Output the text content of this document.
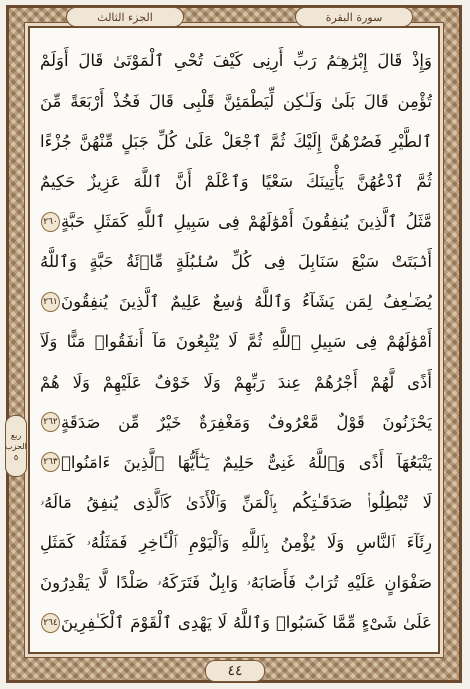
الجزء الثالث	سورة البقرة
ربع
الحزب
٥
وَإِذْ قَالَ إِبْرَٰهِـۧمُ رَبِّ أَرِنِى كَيْفَ تُحْىِ ٱلْمَوْتَىٰ قَالَ أَوَلَمْ
تُؤْمِن قَالَ بَلَىٰ وَلَـٰكِن لِّيَطْمَئِنَّ قَلْبِى قَالَ فَخُذْ أَرْبَعَةً مِّنَ
ٱلطَّيْرِ فَصُرْهُنَّ إِلَيْكَ ثُمَّ ٱجْعَلْ عَلَىٰ كُلِّ جَبَلٍ مِّنْهُنَّ جُزْءًا
ثُمَّ ٱدْعُهُنَّ يَأْتِينَكَ سَعْيًا وَٱعْلَمْ أَنَّ ٱللَّهَ عَزِيزٌ حَكِيمٌ
مَّثَلُ ٱلَّذِينَ يُنفِقُونَ أَمْوَٰلَهُمْ فِى سَبِيلِ ٱللَّهِ كَمَثَلِ حَبَّةٍ
٢٦٠
أَنۢبَتَتْ سَبْعَ سَنَابِلَ فِى كُلِّ سُنۢبُلَةٍ مِّا۟ئَةُ حَبَّةٍ وَٱللَّهُ
يُضَـٰعِفُ لِمَن يَشَآءُ وَٱللَّهُ وَٰسِعٌ عَلِيمٌ ٱلَّذِينَ يُنفِقُونَ
٢٦١
أَمْوَٰلَهُمْ فِى سَبِيلِ ٱللَّهِ ثُمَّ لَا يُتْبِعُونَ مَآ أَنفَقُوا۟ مَنًّا وَلَآ
أَذًى لَّهُمْ أَجْرُهُمْ عِندَ رَبِّهِمْ وَلَا خَوْفٌ عَلَيْهِمْ وَلَا هُمْ
يَحْزَنُونَ قَوْلٌ مَّعْرُوفٌ وَمَغْفِرَةٌ خَيْرٌ مِّن صَدَقَةٍ
٢٦٢
يَتْبَعُهَآ أَذًى وَٱللَّهُ غَنِىٌّ حَلِيمٌ يَـٰٓأَيُّهَا ٱلَّذِينَ ءَامَنُوا۟
٢٦٣
لَا تُبْطِلُوا۟ صَدَقَـٰتِكُم بِٱلْمَنِّ وَٱلْأَذَىٰ كَٱلَّذِى يُنفِقُ مَالَهُۥ
رِئَآءَ ٱلنَّاسِ وَلَا يُؤْمِنُ بِٱللَّهِ وَٱلْيَوْمِ ٱلْـَٔاخِرِ فَمَثَلُهُۥ كَمَثَلِ
صَفْوَانٍ عَلَيْهِ تُرَابٌ فَأَصَابَهُۥ وَابِلٌ فَتَرَكَهُۥ صَلْدًا لَّا يَقْدِرُونَ
عَلَىٰ شَىْءٍ مِّمَّا كَسَبُوا۟ وَٱللَّهُ لَا يَهْدِى ٱلْقَوْمَ ٱلْكَـٰفِرِينَ
٢٦٤
٤٤
